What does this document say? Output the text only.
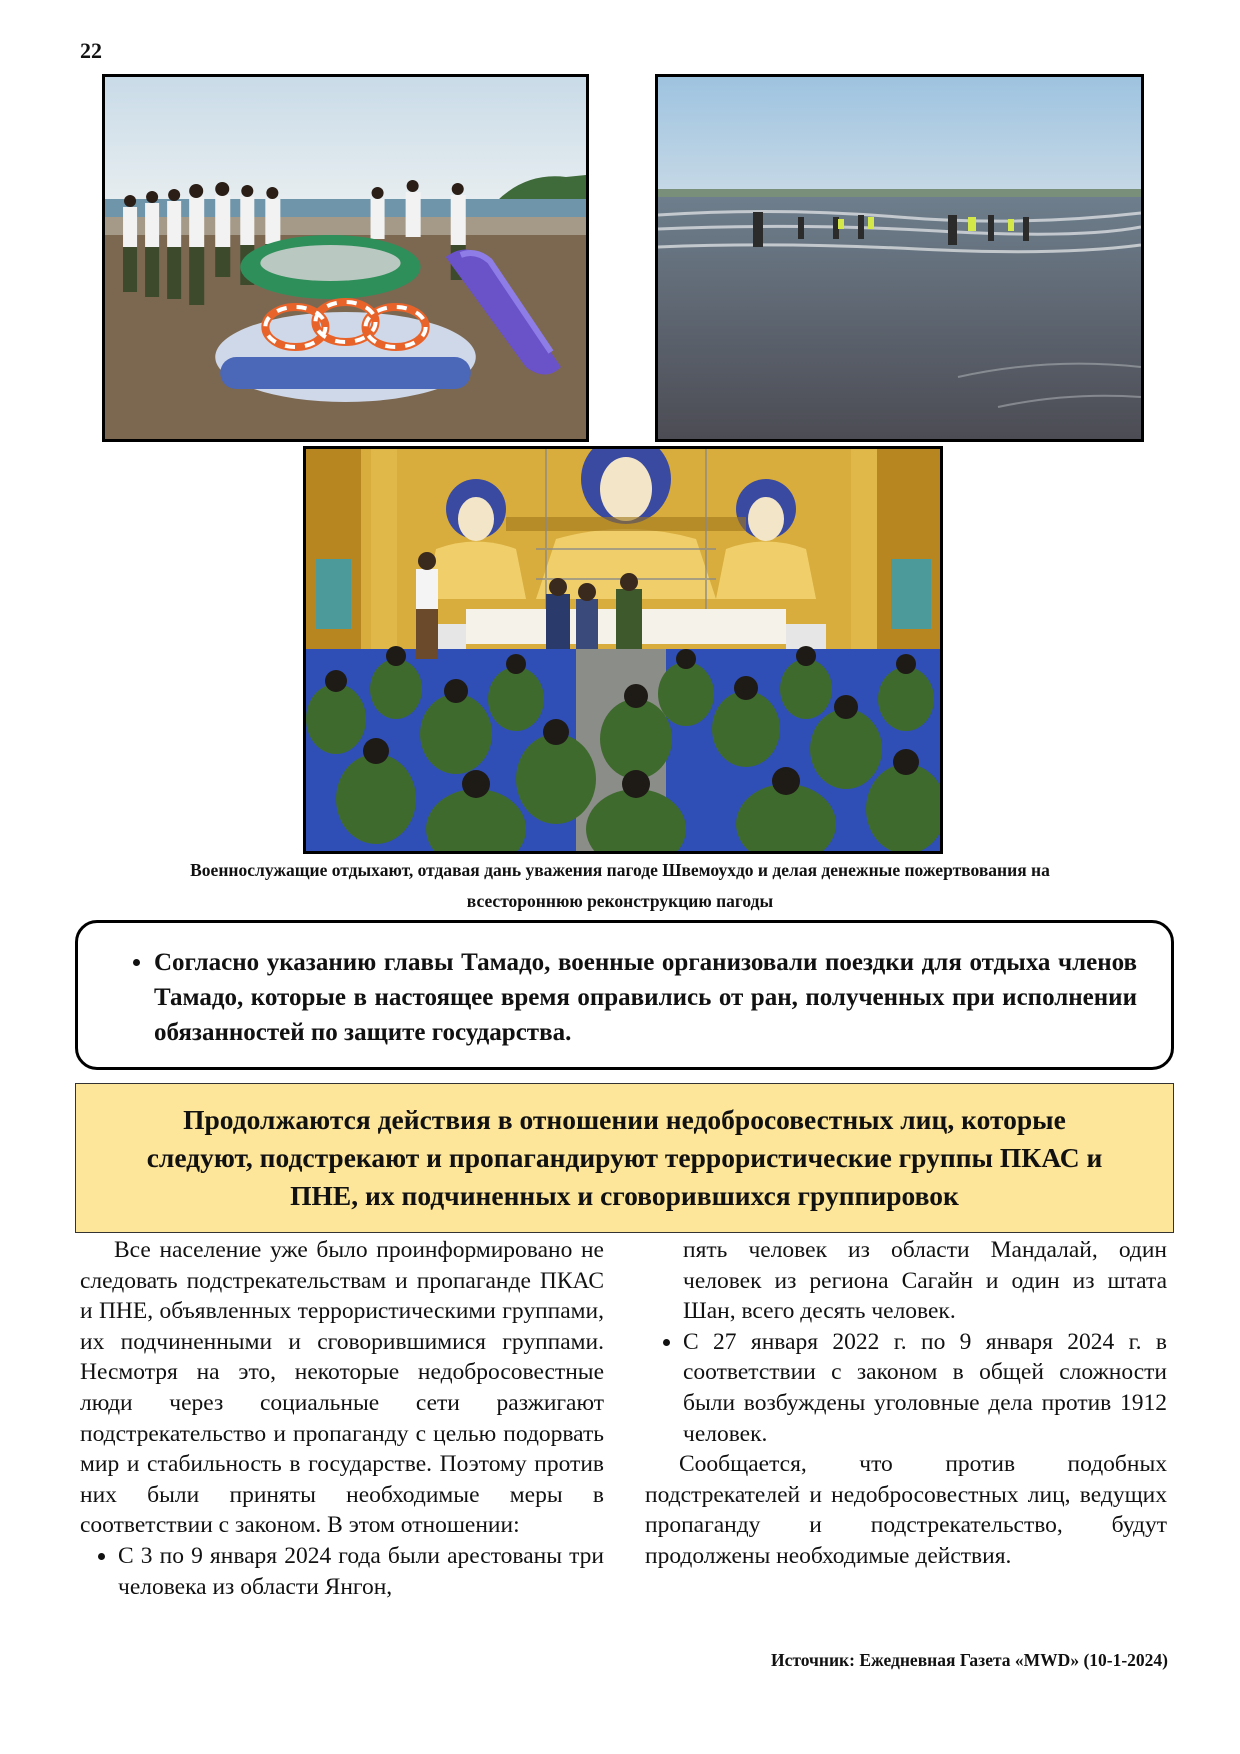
22
Военнослужащие отдыхают, отдавая дань уважения пагоде Швемоухдо и делая денежные пожертвования на всестороннюю реконструкцию пагоды
• Согласно указанию главы Тамадо, военные организовали поездки для отдыха членов Тамадо, которые в настоящее время оправились от ран, полученных при исполнении обязанностей по защите государства.
Продолжаются действия в отношении недобросовестных лиц, которые следуют, подстрекают и пропагандируют террористические группы ПКАС и ПНЕ, их подчиненных и сговорившихся группировок

Все население уже было проинформировано не следовать подстрекательствам и пропаганде ПКАС и ПНЕ, объявленных террористическими группами, их подчиненными и сговорившимися группами. Несмотря на это, некоторые недобросовестные люди через социальные сети разжигают подстрекательство и пропаганду с целью подорвать мир и стабильность в государстве. Поэтому против них были приняты необходимые меры в соответствии с законом. В этом отношении:

• С 3 по 9 января 2024 года были арестованы три человека из области Янгон,

пять человек из области Мандалай, один человек из региона Сагайн и один из штата Шан, всего десять человек.

• С 27 января 2022 г. по 9 января 2024 г. в соответствии с законом в общей сложности были возбуждены уголовные дела против 1912 человек.

Сообщается, что против подобных подстрекателей и недобросовестных лиц, ведущих пропаганду и подстрекательство, будут продолжены необходимые действия.

Источник: Ежедневная Газета «MWD» (10-1-2024)
